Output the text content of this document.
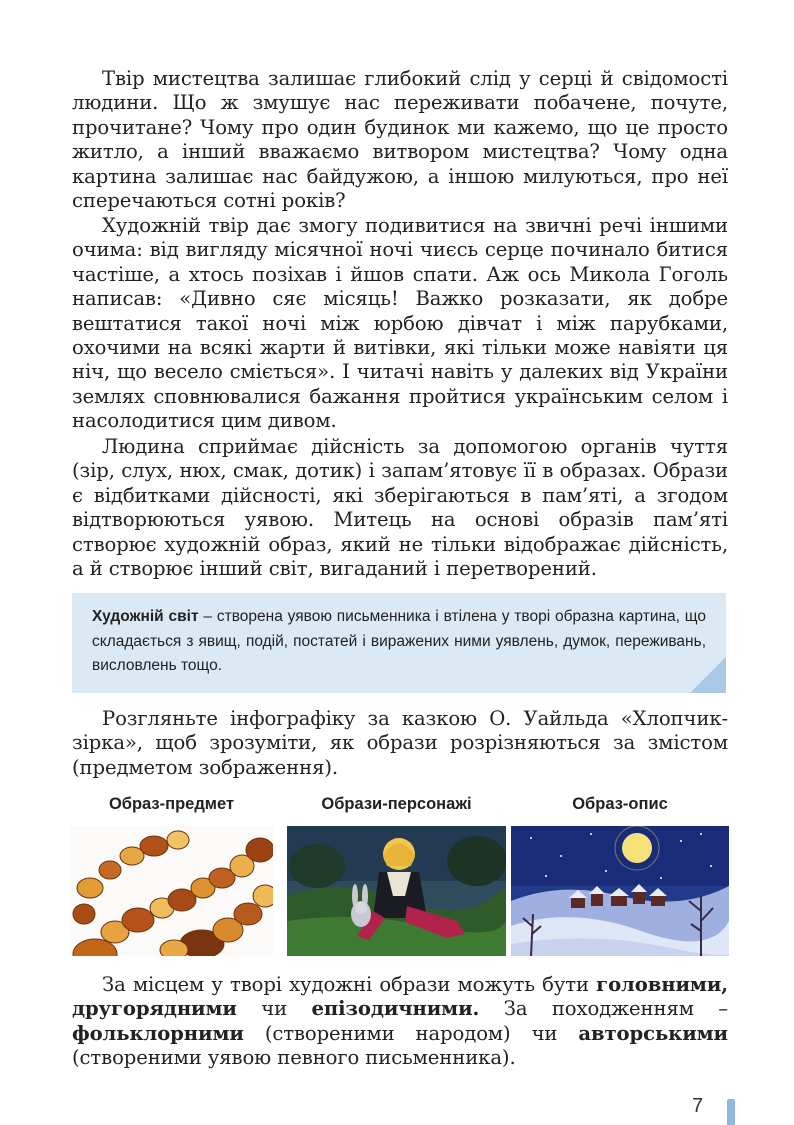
Твір мистецтва залишає глибокий слід у серці й свідомості людини. Що ж змушує нас переживати побачене, почуте, прочитане? Чому про один будинок ми кажемо, що це просто житло, а інший вважаємо витвором мистецтва? Чому одна картина залишає нас байдужою, а іншою милуються, про неї сперечаються сотні років?

Художній твір дає змогу подивитися на звичні речі іншими очима: від вигляду місячної ночі чиєсь серце починало битися частіше, а хтось позіхав і йшов спати. Аж ось Микола Гоголь написав: «Дивно сяє місяць! Важко розказати, як добре вештатися такої ночі між юрбою дівчат і між парубками, охочими на всякі жарти й витівки, які тільки може навіяти ця ніч, що весело сміється». І читачі навіть у далеких від України землях сповнювалися бажання пройтися українським селом і насолодитися цим дивом.

Людина сприймає дійсність за допомогою органів чуття (зір, слух, нюх, смак, дотик) і запам’ятовує її в образах. Образи є відбитками дійсності, які зберігаються в пам’яті, а згодом відтворюються уявою. Митець на основі образів пам’яті створює художній образ, який не тільки відображає дійсність, а й створює інший світ, вигаданий і перетворений.

Художній світ – створена уявою письменника і втілена у творі образна картина, що складається з явищ, подій, постатей і виражених ними уявлень, думок, переживань, висловлень тощо.

Розгляньте інфографіку за казкою О. Уайльда «Хлопчик-зірка», щоб зрозуміти, як образи розрізняються за змістом (предметом зображення).

Образ-предмет	Образи-персонажі	Образ-опис

За місцем у творі художні образи можуть бути головними, другорядними чи епізодичними. За походженням – фольклорними (створеними народом) чи авторськими (створеними уявою певного письменника).

7
